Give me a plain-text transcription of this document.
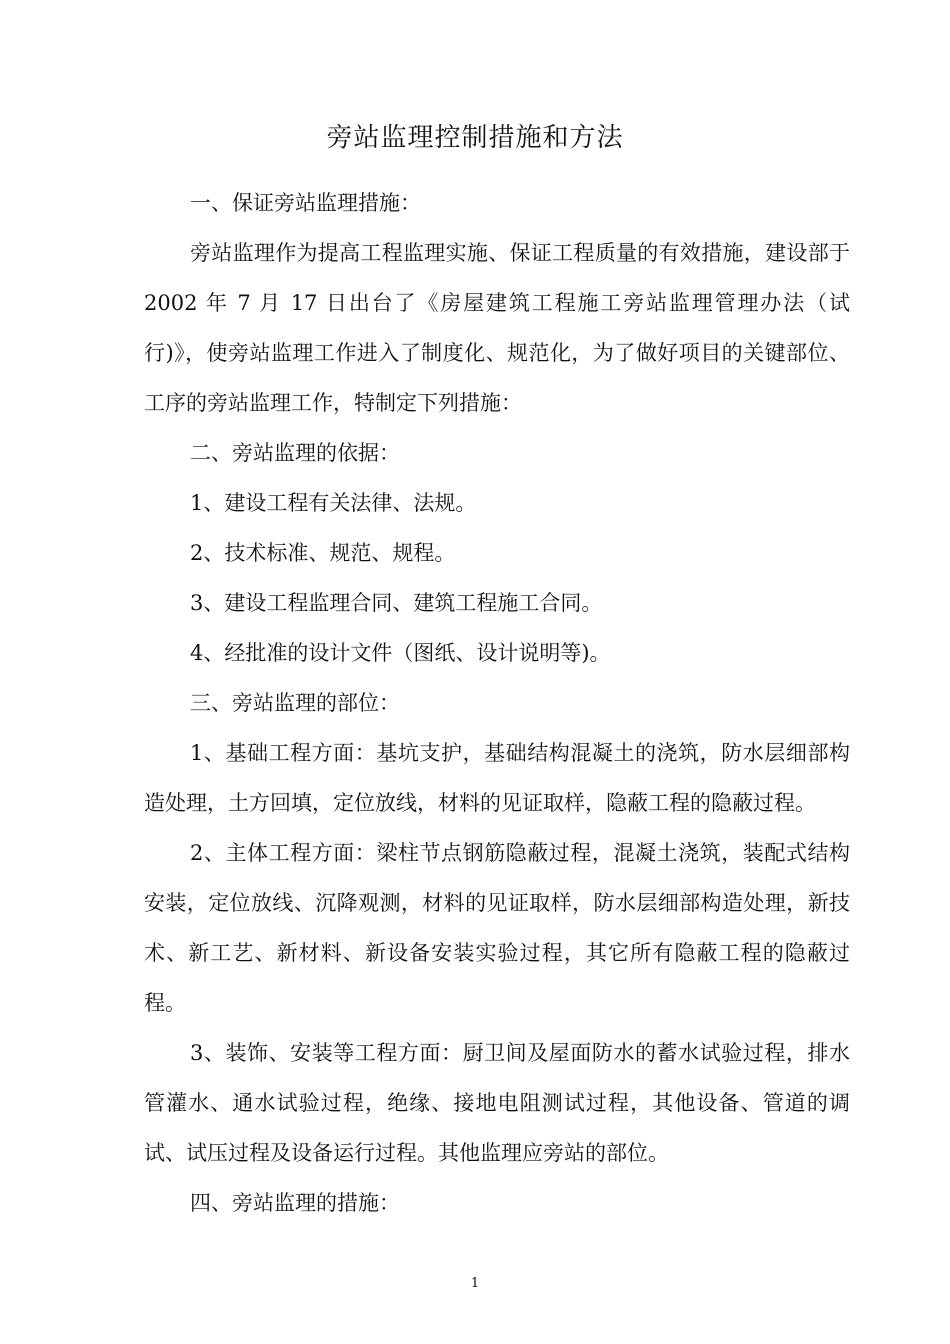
旁站监理控制措施和方法

一、保证旁站监理措施：

旁站监理作为提高工程监理实施、保证工程质量的有效措施，建设部于 2002 年 7 月 17 日出台了《房屋建筑工程施工旁站监理管理办法（试行)》，使旁站监理工作进入了制度化、规范化，为了做好项目的关键部位、工序的旁站监理工作，特制定下列措施：

二、旁站监理的依据：

1、建设工程有关法律、法规。

2、技术标准、规范、规程。

3、建设工程监理合同、建筑工程施工合同。

4、经批准的设计文件（图纸、设计说明等)。

三、旁站监理的部位：

1、基础工程方面：基坑支护，基础结构混凝土的浇筑，防水层细部构造处理，土方回填，定位放线，材料的见证取样，隐蔽工程的隐蔽过程。

2、主体工程方面：梁柱节点钢筋隐蔽过程，混凝土浇筑，装配式结构安装，定位放线、沉降观测，材料的见证取样，防水层细部构造处理，新技术、新工艺、新材料、新设备安装实验过程，其它所有隐蔽工程的隐蔽过程。

3、装饰、安装等工程方面：厨卫间及屋面防水的蓄水试验过程，排水管灌水、通水试验过程，绝缘、接地电阻测试过程，其他设备、管道的调试、试压过程及设备运行过程。其他监理应旁站的部位。

四、旁站监理的措施：

1
